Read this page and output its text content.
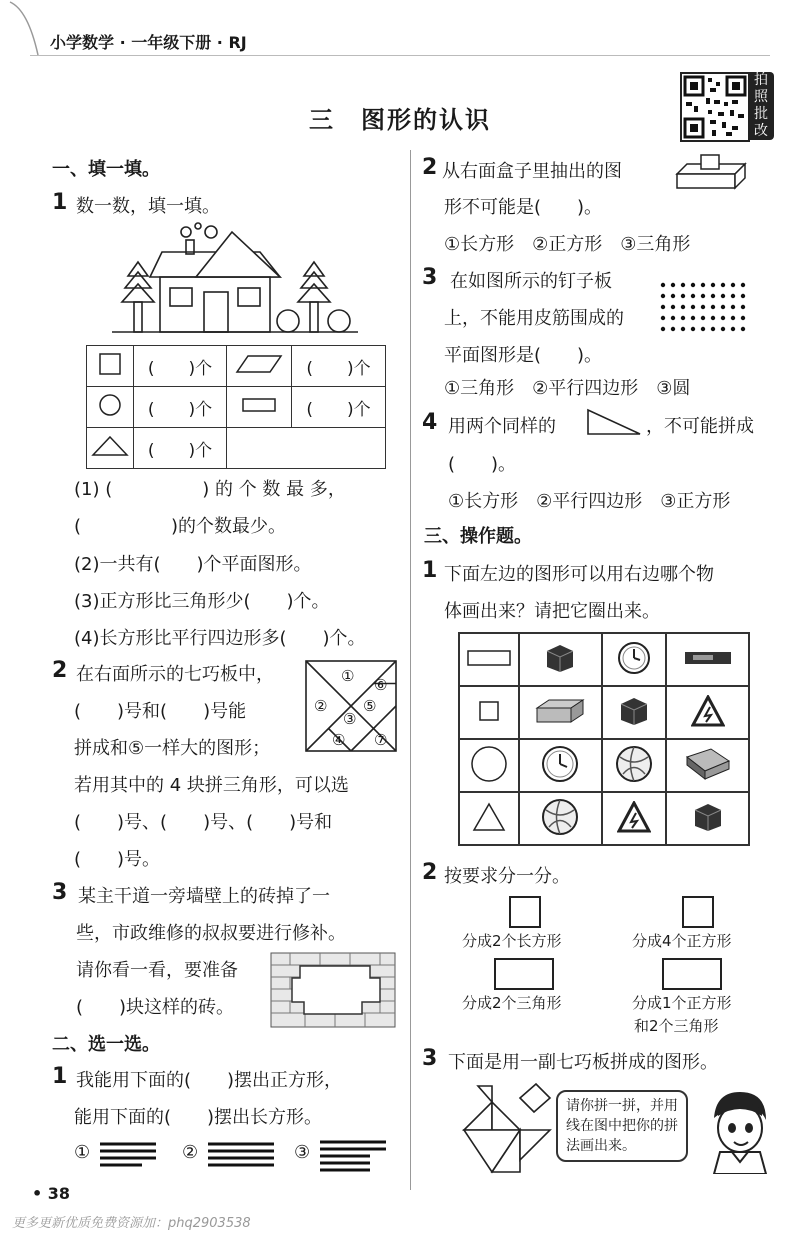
小学数学 · 一年级下册 · RJ
三　图形的认识
拍照批改
一、填一填。
1 数一数，填一填。
	(　　)个		(　　)个
	(　　)个		(　　)个
	(　　)个		
(1) (　　　　　) 的 个 数 最 多，
(　　　　　)的个数最少。
(2)一共有(　　)个平面图形。
(3)正方形比三角形少(　　)个。
(4)长方形比平行四边形多(　　)个。
2 在右面所示的七巧板中，
(　　)号和(　　)号能
拼成和⑤一样大的图形；
若用其中的 4 块拼三角形，可以选
(　　)号、(　　)号、(　　)号和
(　　)号。
①
②
③
④
⑤
⑥
⑦
3 某主干道一旁墙壁上的砖掉了一
些，市政维修的叔叔要进行修补。
请你看一看，要准备
(　　)块这样的砖。
二、选一选。
1 我能用下面的(　　)摆出正方形，
能用下面的(　　)摆出长方形。
①	②	③
2 从右面盒子里抽出的图
形不可能是(　　)。
①长方形　②正方形　③三角形
3 在如图所示的钉子板
上，不能用皮筋围成的
平面图形是(　　)。
①三角形　②平行四边形　③圆
4 用两个同样的	，不可能拼成
(　　)。
①长方形　②平行四边形　③正方形
三、操作题。
1 下面左边的图形可以用右边哪个物
体画出来？请把它圈出来。

2 按要求分一分。
分成2个长方形	分成4个正方形
分成2个三角形	分成1个正方形
和2个三角形
3 下面是用一副七巧板拼成的图形。
请你拼一拼，并用
线在图中把你的拼
法画出来。
• 38
更多更新优质免费资源加：phq2903538
